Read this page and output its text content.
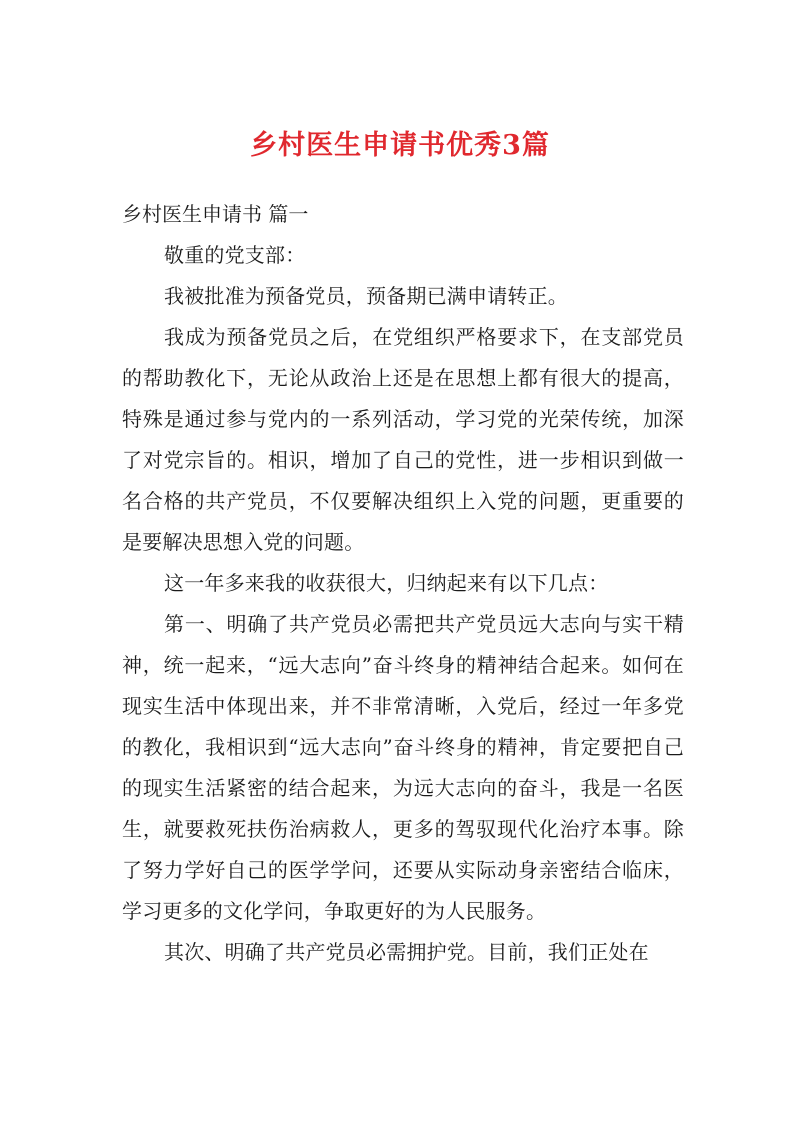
乡村医生申请书优秀3篇

乡村医生申请书 篇一

敬重的党支部：

我被批准为预备党员，预备期已满申请转正。

我成为预备党员之后，在党组织严格要求下，在支部党员的帮助教化下，无论从政治上还是在思想上都有很大的提高，特殊是通过参与党内的一系列活动，学习党的光荣传统，加深了对党宗旨的。相识，增加了自己的党性，进一步相识到做一名合格的共产党员，不仅要解决组织上入党的问题，更重要的是要解决思想入党的问题。

这一年多来我的收获很大，归纳起来有以下几点：

第一、明确了共产党员必需把共产党员远大志向与实干精神，统一起来，“远大志向”奋斗终身的精神结合起来。如何在现实生活中体现出来，并不非常清晰，入党后，经过一年多党的教化，我相识到“远大志向”奋斗终身的精神，肯定要把自己的现实生活紧密的结合起来，为远大志向的奋斗，我是一名医生，就要救死扶伤治病救人，更多的驾驭现代化治疗本事。除了努力学好自己的医学学问，还要从实际动身亲密结合临床，学习更多的文化学问，争取更好的为人民服务。

其次、明确了共产党员必需拥护党。目前，我们正处在
